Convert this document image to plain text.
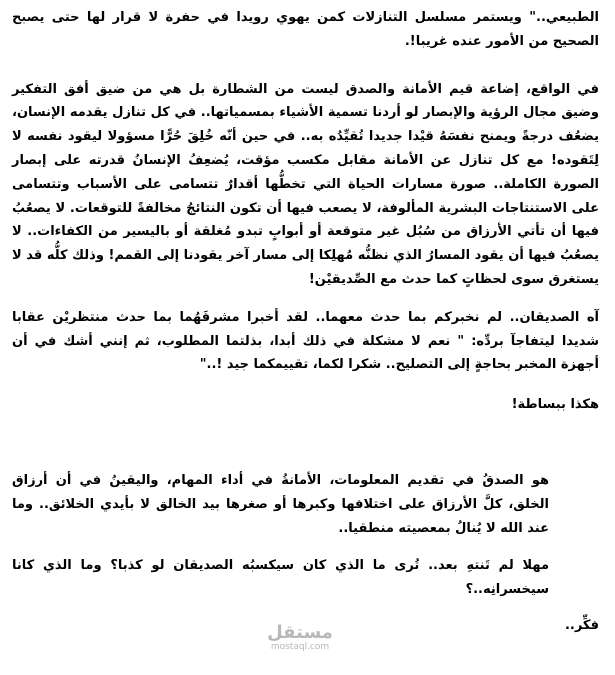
الطبيعي.." ويستمر مسلسل التنازلات كمن يهوي رويدا في حفرة لا قرار لها حتى يصبح الصحيح من الأمور عنده غريبا!.

في الواقع، إضاعة قيم الأمانة والصدق ليست من الشطارة بل هي من ضيق أفق التفكير وضيق مجال الرؤية والإبصار لو أردنا تسمية الأشياء بمسمياتها.. في كل تنازل يقدمه الإنسان، يضعُف درجةً ويمنح نفسَهُ قيْدا جديدا تُقيِّدُه به.. في حين أنّه خُلِقَ حُرًّا مسؤولا ليقود نفسه لا لِتَقوده! مع كل تنازل عن الأمانة مقابل مكسب مؤقت، يُضعِفُ الإنسانُ قدرته على إبصار الصورة الكاملة.. صورة مسارات الحياة التي تخطُّها أقدارٌ تتسامى على الأسباب وتتسامى على الاستنتاجات البشرية المألوفة، لا يصعب فيها أن تكون النتائجُ مخالفةً للتوقعات. لا يصعُبُ فيها أن تأتي الأرزاق من سُبُل غير متوقعة أو أبوابٍ تبدو مُغلقة أو باليسير من الكفاءات.. لا يصعُبُ فيها أن يقود المسارُ الذي نظنُّه مُهلِكا إلى مسار آخر يقودنا إلى القمم! وذلك كلُّه قد لا يستغرق سوى لحظاتٍ كما حدث مع الصِّديقيْن!

آه الصديقان.. لم نخبركم بما حدث معهما.. لقد أخبرا مشرفَهُما بما حدث منتظريْن عقابا شديدا ليتفاجآ بردِّه: " نعم لا مشكلة في ذلك أبدا، بذلتما المطلوب، ثم إنني أشك في أن أجهزة المخبر بحاجةٍ إلى التصليح.. شكرا لكما، تقييمكما جيد !.."

هكذا ببساطة!

هو الصدقُ في تقديم المعلومات، الأمانةُ في أداء المهام، واليقينُ في أن أرزاق الخلق، كلَّ الأرزاق على اختلافها وكبرها أو صغرها بيد الخالق لا بأيدي الخلائق.. وما عند الله لا يُنالُ بمعصيته منطقيا..

مهلا لم تَنتهِ بعد.. تُرى ما الذي كان سيكسبُه الصديقان لو كذبا؟ وما الذي كانا سيخسرانِه..؟

فكِّر..

مستقل
mostaql.com
